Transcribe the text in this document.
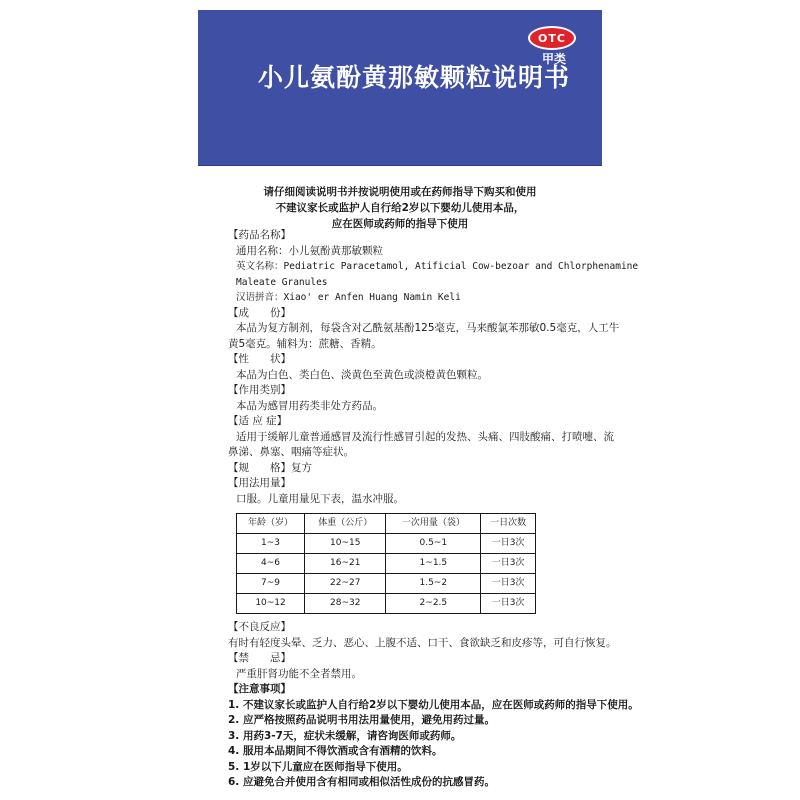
OTC
甲类
小儿氨酚黄那敏颗粒说明书
请仔细阅读说明书并按说明使用或在药师指导下购买和使用
不建议家长或监护人自行给2岁以下婴幼儿使用本品，
应在医师或药师的指导下使用
【药品名称】
通用名称：小儿氨酚黄那敏颗粒
英文名称：Pediatric Paracetamol, Atificial Cow-bezoar and Chlorphenamine
Maleate Granules
汉语拼音：Xiao' er Anfen Huang Namin Keli
【成　　份】
本品为复方制剂，每袋含对乙酰氨基酚125毫克，马来酸氯苯那敏0.5毫克，人工牛
黄5毫克。辅料为：蔗糖、香精。
【性　　状】
本品为白色、类白色、淡黄色至黄色或淡橙黄色颗粒。
【作用类别】
本品为感冒用药类非处方药品。
【适 应 症】
适用于缓解儿童普通感冒及流行性感冒引起的发热、头痛、四肢酸痛、打喷嚏、流
鼻涕、鼻塞、咽痛等症状。
【规　　格】复方
【用法用量】
口服。儿童用量见下表，温水冲服。
年龄（岁）	体重（公斤）	一次用量（袋）	一日次数
1~3	10~15	0.5~1	一日3次
4~6	16~21	1~1.5	一日3次
7~9	22~27	1.5~2	一日3次
10~12	28~32	2~2.5	一日3次
【不良反应】
有时有轻度头晕、乏力、恶心、上腹不适、口干、食欲缺乏和皮疹等，可自行恢复。
【禁　　忌】
严重肝肾功能不全者禁用。
【注意事项】
1. 不建议家长或监护人自行给2岁以下婴幼儿使用本品，应在医师或药师的指导下使用。
2. 应严格按照药品说明书用法用量使用，避免用药过量。
3. 用药3-7天，症状未缓解，请咨询医师或药师。
4. 服用本品期间不得饮酒或含有酒精的饮料。
5. 1岁以下儿童应在医师指导下使用。
6. 应避免合并使用含有相同或相似活性成份的抗感冒药。
